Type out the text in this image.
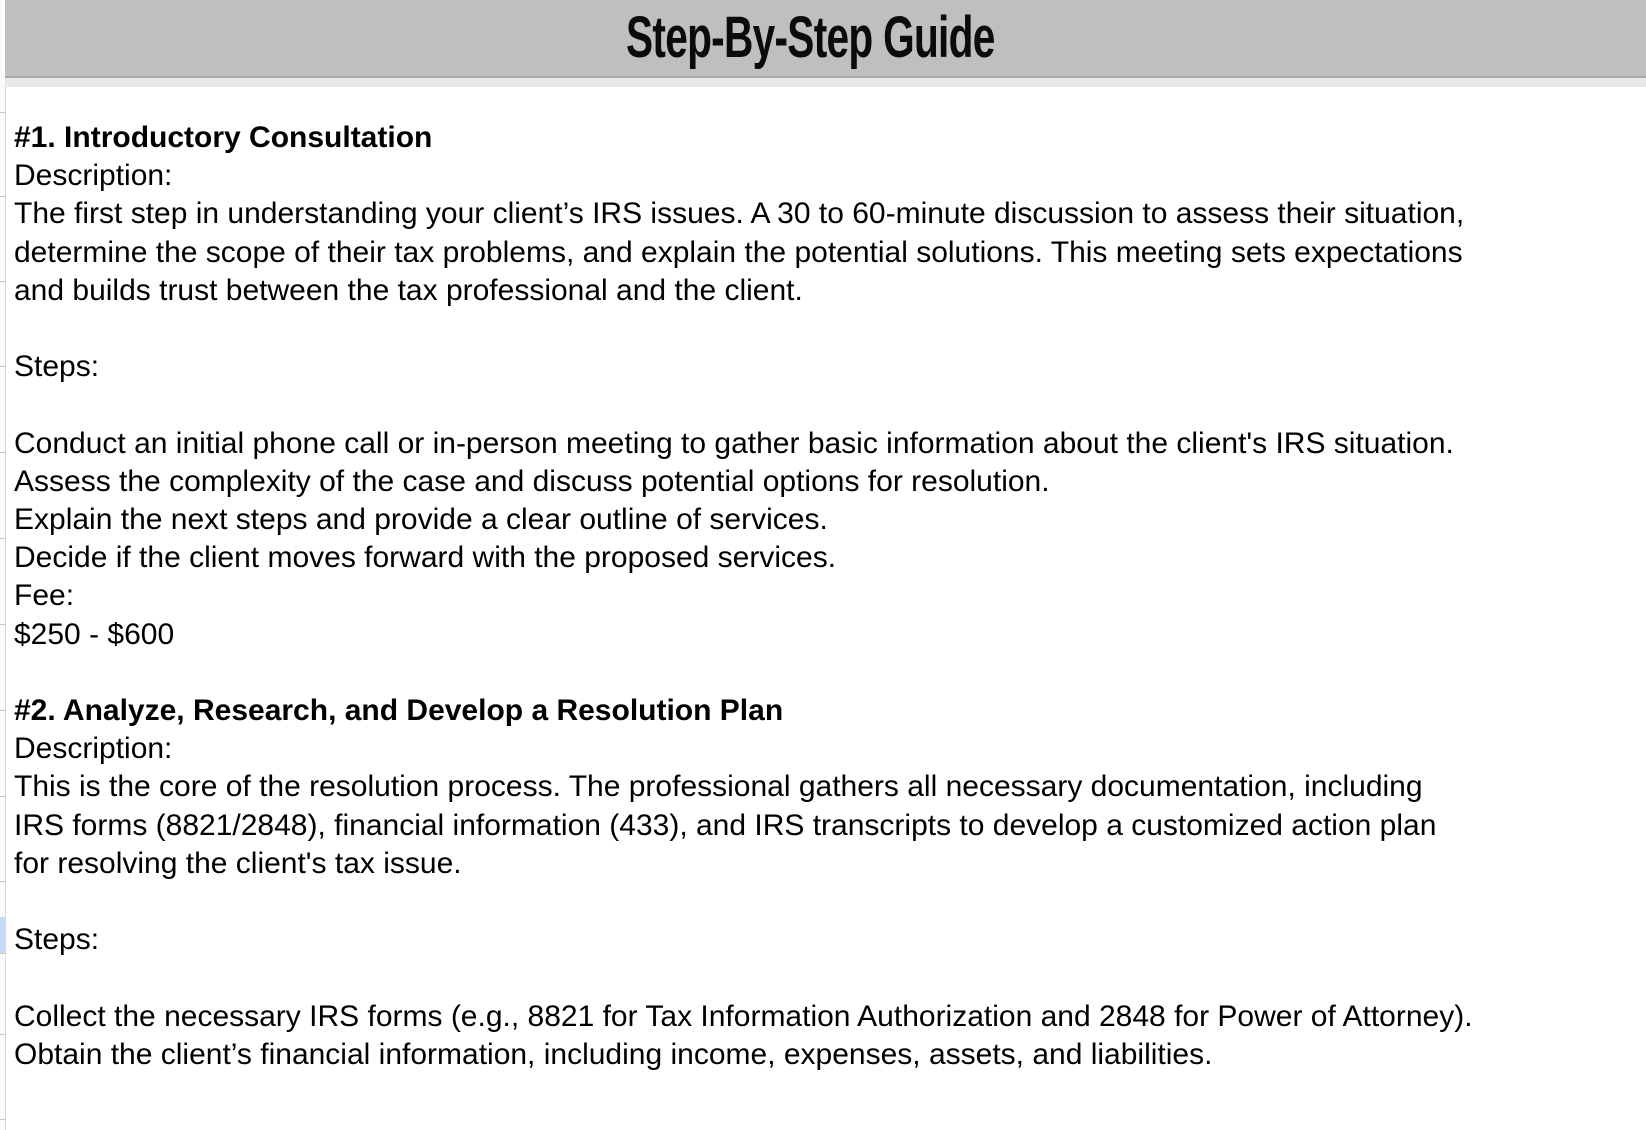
Step-By-Step Guide
#1. Introductory Consultation
Description:
The first step in understanding your client’s IRS issues. A 30 to 60-minute discussion to assess their situation,
determine the scope of their tax problems, and explain the potential solutions. This meeting sets expectations
and builds trust between the tax professional and the client.
Steps:
Conduct an initial phone call or in-person meeting to gather basic information about the client's IRS situation.
Assess the complexity of the case and discuss potential options for resolution.
Explain the next steps and provide a clear outline of services.
Decide if the client moves forward with the proposed services.
Fee:
$250 - $600
#2. Analyze, Research, and Develop a Resolution Plan
Description:
This is the core of the resolution process. The professional gathers all necessary documentation, including
IRS forms (8821/2848), financial information (433), and IRS transcripts to develop a customized action plan
for resolving the client's tax issue.
Steps:
Collect the necessary IRS forms (e.g., 8821 for Tax Information Authorization and 2848 for Power of Attorney).
Obtain the client’s financial information, including income, expenses, assets, and liabilities.
